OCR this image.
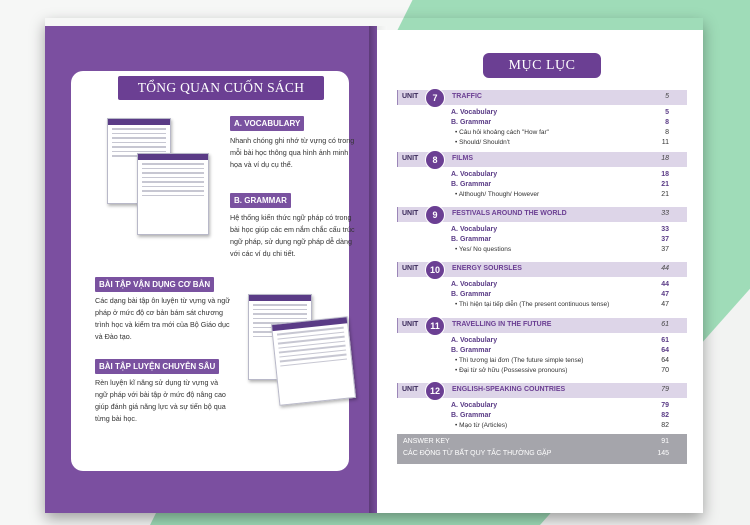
TỔNG QUAN CUỐN SÁCH
A. VOCABULARY
Nhanh chóng ghi nhớ từ vựng có trong
mỗi bài học thông qua hình ảnh minh
họa và ví dụ cụ thể.
B. GRAMMAR
Hệ thống kiến thức ngữ pháp có trong
bài học giúp các em nắm chắc cấu trúc
ngữ pháp, sử dụng ngữ pháp dễ dàng
với các ví dụ chi tiết.
BÀI TẬP VẬN DỤNG CƠ BẢN
Các dạng bài tập ôn luyện từ vựng và ngữ
pháp ở mức độ cơ bản bám sát chương
trình học và kiểm tra mới của Bộ Giáo dục
và Đào tạo.
BÀI TẬP LUYỆN CHUYÊN SÂU
Rèn luyện kĩ năng sử dụng từ vựng và
ngữ pháp với bài tập ở mức độ nâng cao
giúp đánh giá năng lực và sự tiến bộ qua
từng bài học.
MỤC LỤC
UNIT	7	TRAFFIC	5
A. Vocabulary	5
B. Grammar	8
• Câu hỏi khoảng cách "How far"	8
• Should/ Shouldn't	11
UNIT	8	FILMS	18
A. Vocabulary	18
B. Grammar	21
• Although/ Though/ However	21
UNIT	9	FESTIVALS AROUND THE WORLD	33
A. Vocabulary	33
B. Grammar	37
• Yes/ No questions	37
UNIT	10	ENERGY SOURSLES	44
A. Vocabulary	44
B. Grammar	47
• Thì hiện tại tiếp diễn (The present continuous tense)	47
UNIT	11	TRAVELLING IN THE FUTURE	61
A. Vocabulary	61
B. Grammar	64
• Thì tương lai đơn (The future simple tense)	64
• Đại từ sở hữu (Possessive pronouns)	70
UNIT	12	ENGLISH-SPEAKING COUNTRIES	79
A. Vocabulary	79
B. Grammar	82
• Mạo từ (Articles)	82
ANSWER KEY	91
CÁC ĐỘNG TỪ BẤT QUY TẮC THƯỜNG GẶP	145
